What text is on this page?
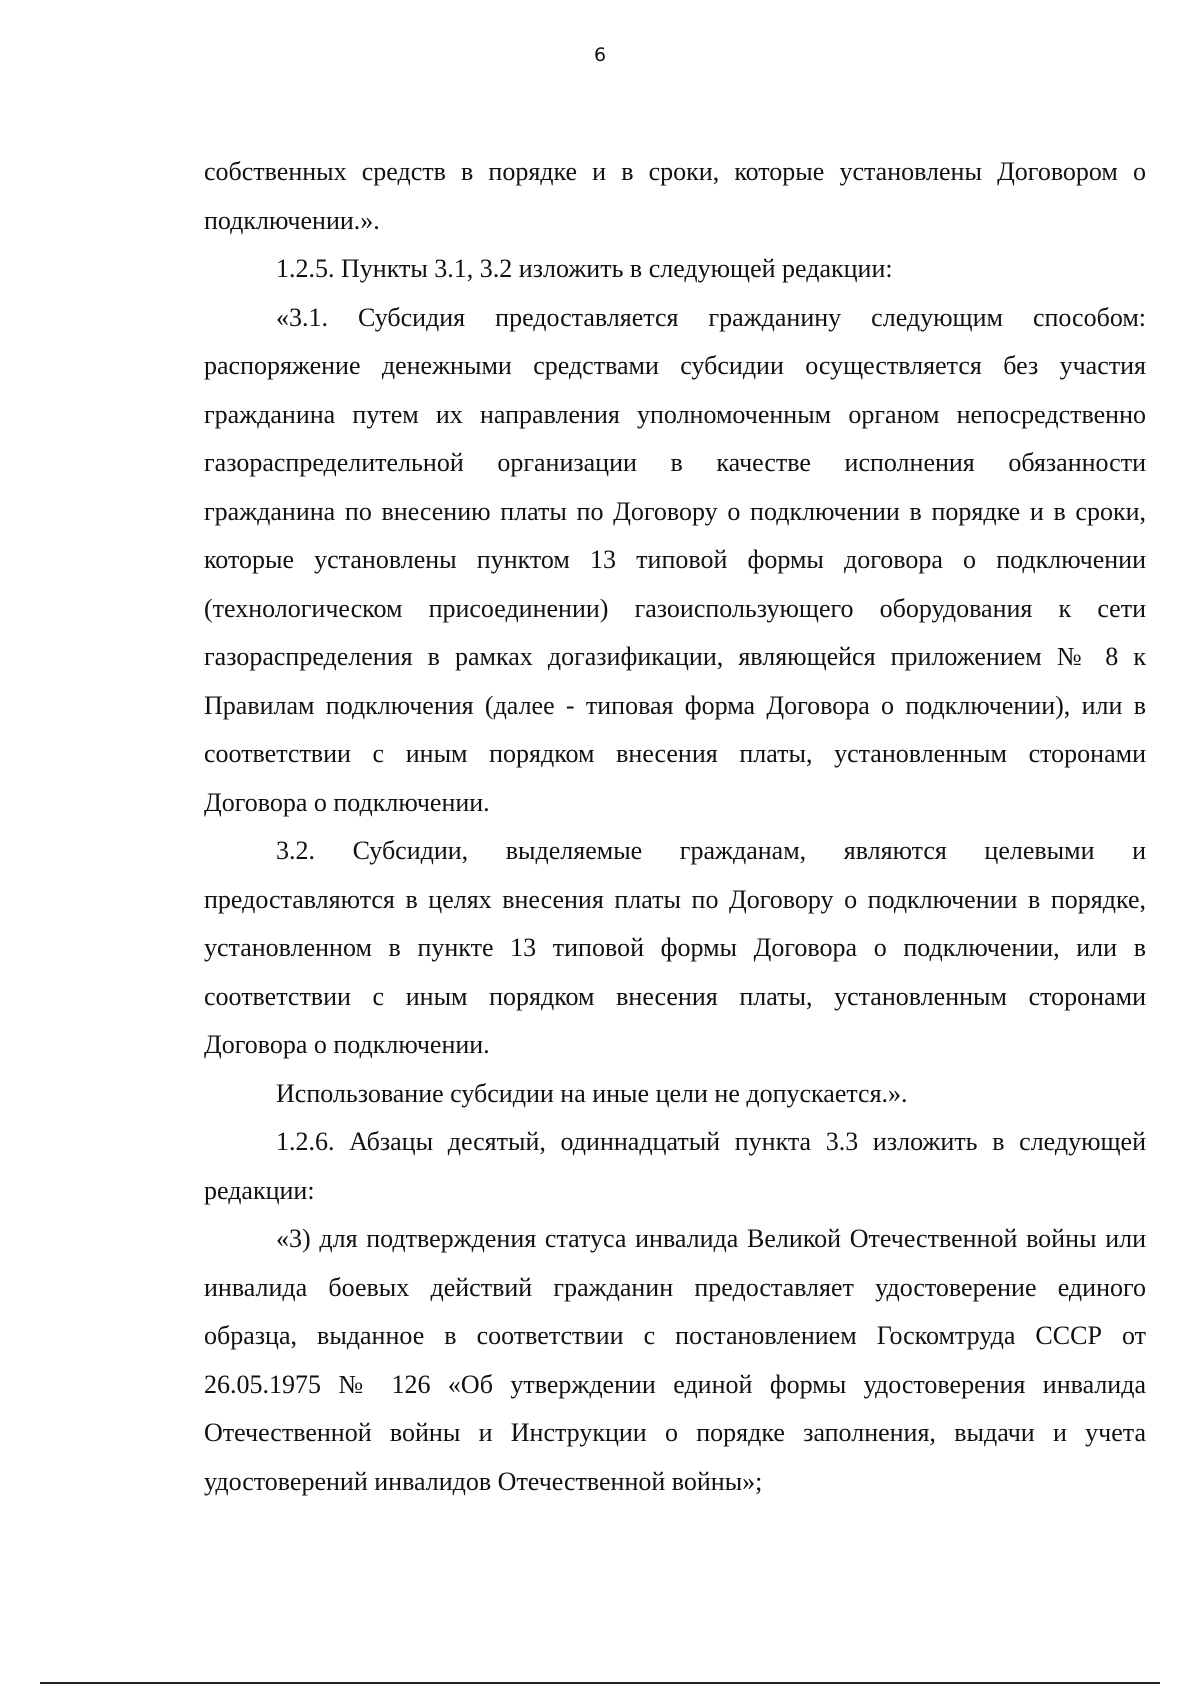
6

собственных средств в порядке и в сроки, которые установлены Договором о подключении.».

1.2.5. Пункты 3.1, 3.2 изложить в следующей редакции:

«3.1. Субсидия предоставляется гражданину следующим способом: распоряжение денежными средствами субсидии осуществляется без участия гражданина путем их направления уполномоченным органом непосредственно газораспределительной организации в качестве исполнения обязанности гражданина по внесению платы по Договору о подключении в порядке и в сроки, которые установлены пунктом 13 типовой формы договора о подключении (технологическом присоединении) газоиспользующего оборудования к сети газораспределения в рамках догазификации, являющейся приложением № 8 к Правилам подключения (далее - типовая форма Договора о подключении), или в соответствии с иным порядком внесения платы, установленным сторонами Договора о подключении.

3.2. Субсидии, выделяемые гражданам, являются целевыми и предоставляются в целях внесения платы по Договору о подключении в порядке, установленном в пункте 13 типовой формы Договора о подключении, или в соответствии с иным порядком внесения платы, установленным сторонами Договора о подключении.

Использование субсидии на иные цели не допускается.».

1.2.6. Абзацы десятый, одиннадцатый пункта 3.3 изложить в следующей редакции:

«3) для подтверждения статуса инвалида Великой Отечественной войны или инвалида боевых действий гражданин предоставляет удостоверение единого образца, выданное в соответствии с постановлением Госкомтруда СССР от 26.05.1975 № 126 «Об утверждении единой формы удостоверения инвалида Отечественной войны и Инструкции о порядке заполнения, выдачи и учета удостоверений инвалидов Отечественной войны»;
